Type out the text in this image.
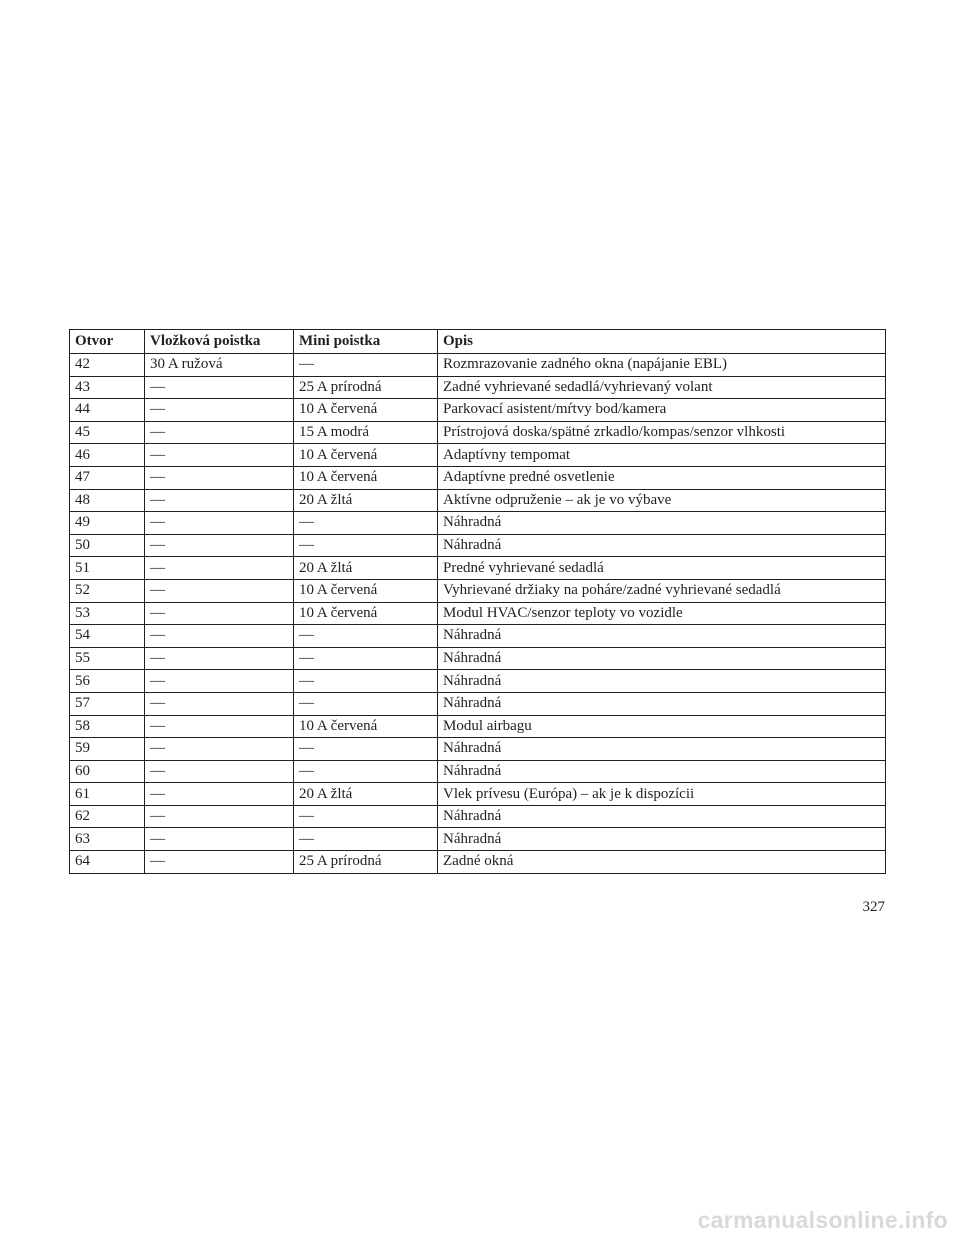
Otvor	Vložková poistka	Mini poistka	Opis
42	30 A ružová	—	Rozmrazovanie zadného okna (napájanie EBL)
43	—	25 A prírodná	Zadné vyhrievané sedadlá/vyhrievaný volant
44	—	10 A červená	Parkovací asistent/mŕtvy bod/kamera
45	—	15 A modrá	Prístrojová doska/spätné zrkadlo/kompas/senzor vlhkosti
46	—	10 A červená	Adaptívny tempomat
47	—	10 A červená	Adaptívne predné osvetlenie
48	—	20 A žltá	Aktívne odpruženie – ak je vo výbave
49	—	—	Náhradná
50	—	—	Náhradná
51	—	20 A žltá	Predné vyhrievané sedadlá
52	—	10 A červená	Vyhrievané držiaky na poháre/zadné vyhrievané sedadlá
53	—	10 A červená	Modul HVAC/senzor teploty vo vozidle
54	—	—	Náhradná
55	—	—	Náhradná
56	—	—	Náhradná
57	—	—	Náhradná
58	—	10 A červená	Modul airbagu
59	—	—	Náhradná
60	—	—	Náhradná
61	—	20 A žltá	Vlek prívesu (Európa) – ak je k dispozícii
62	—	—	Náhradná
63	—	—	Náhradná
64	—	25 A prírodná	Zadné okná
327
carmanualsonline.info
